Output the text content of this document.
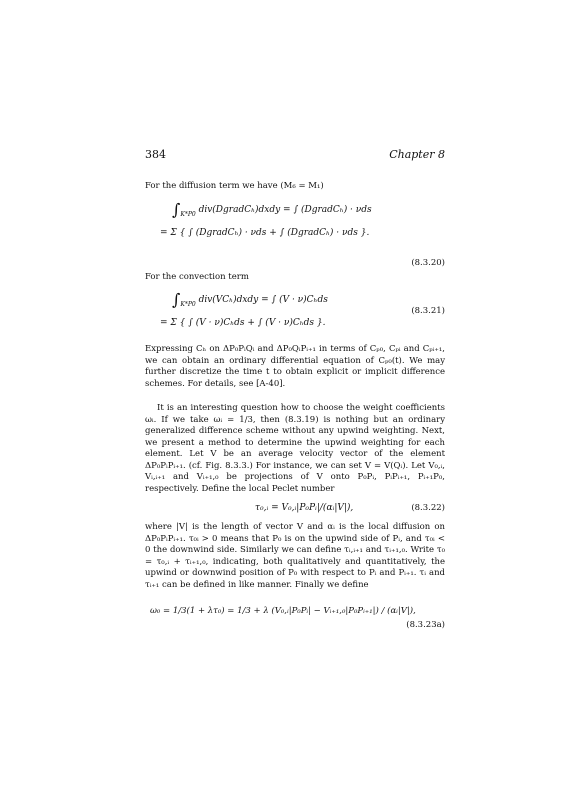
384	Chapter 8
For the diffusion term we have (M₆ = M₁)
$\int_{K*P0}$ div(DgradCₕ)dxdy = ∫ (DgradCₕ) · νds
= Σ { ∫ (DgradCₕ) · νds + ∫ (DgradCₕ) · νds }.
(8.3.20)
For the convection term
$\int_{K*P0}$ div(VCₕ)dxdy = ∫ (V · ν)Cₕds
(8.3.21)
= Σ { ∫ (V · ν)Cₕds + ∫ (V · ν)Cₕds }.
Expressing Cₕ on ΔP₀PᵢQᵢ and ΔP₀QᵢPᵢ₊₁ in terms of Cₚ₀, Cₚᵢ and Cₚᵢ₊₁, we can obtain an ordinary differential equation of Cₚ₀(t). We may further discretize the time t to obtain explicit or implicit difference schemes. For details, see [A-40].
It is an interesting question how to choose the weight coefficients ωᵢ. If we take ωᵢ = 1/3, then (8.3.19) is nothing but an ordinary generalized difference scheme without any upwind weighting. Next, we present a method to determine the upwind weighting for each element. Let V be an average velocity vector of the element ΔP₀PᵢPᵢ₊₁. (cf. Fig. 8.3.3.) For instance, we can set V = V(Qᵢ). Let V₀,ᵢ, Vᵢ,ᵢ₊₁ and Vᵢ₊₁,₀ be projections of V onto P₀Pᵢ, PᵢPᵢ₊₁, Pᵢ₊₁P₀, respectively. Define the local Peclet number
τ₀,ᵢ = V₀,ᵢ|P₀Pᵢ|/(αᵢ|V|),	(8.3.22)
where |V| is the length of vector V and αᵢ is the local diffusion on ΔP₀PᵢPᵢ₊₁. τ₀ᵢ > 0 means that P₀ is on the upwind side of Pᵢ, and τ₀ᵢ < 0 the downwind side. Similarly we can define τᵢ,ᵢ₊₁ and τᵢ₊₁,₀. Write τ₀ = τ₀,ᵢ + τᵢ₊₁,₀, indicating, both qualitatively and quantitatively, the upwind or downwind position of P₀ with respect to Pᵢ and Pᵢ₊₁. τᵢ and τᵢ₊₁ can be defined in like manner. Finally we define
ω₀ = 1/3(1 + λτ₀) = 1/3 + λ (V₀,ᵢ|P₀Pᵢ| − Vᵢ₊₁,₀|P₀Pᵢ₊₁|) / (αᵢ|V|),
(8.3.23a)
